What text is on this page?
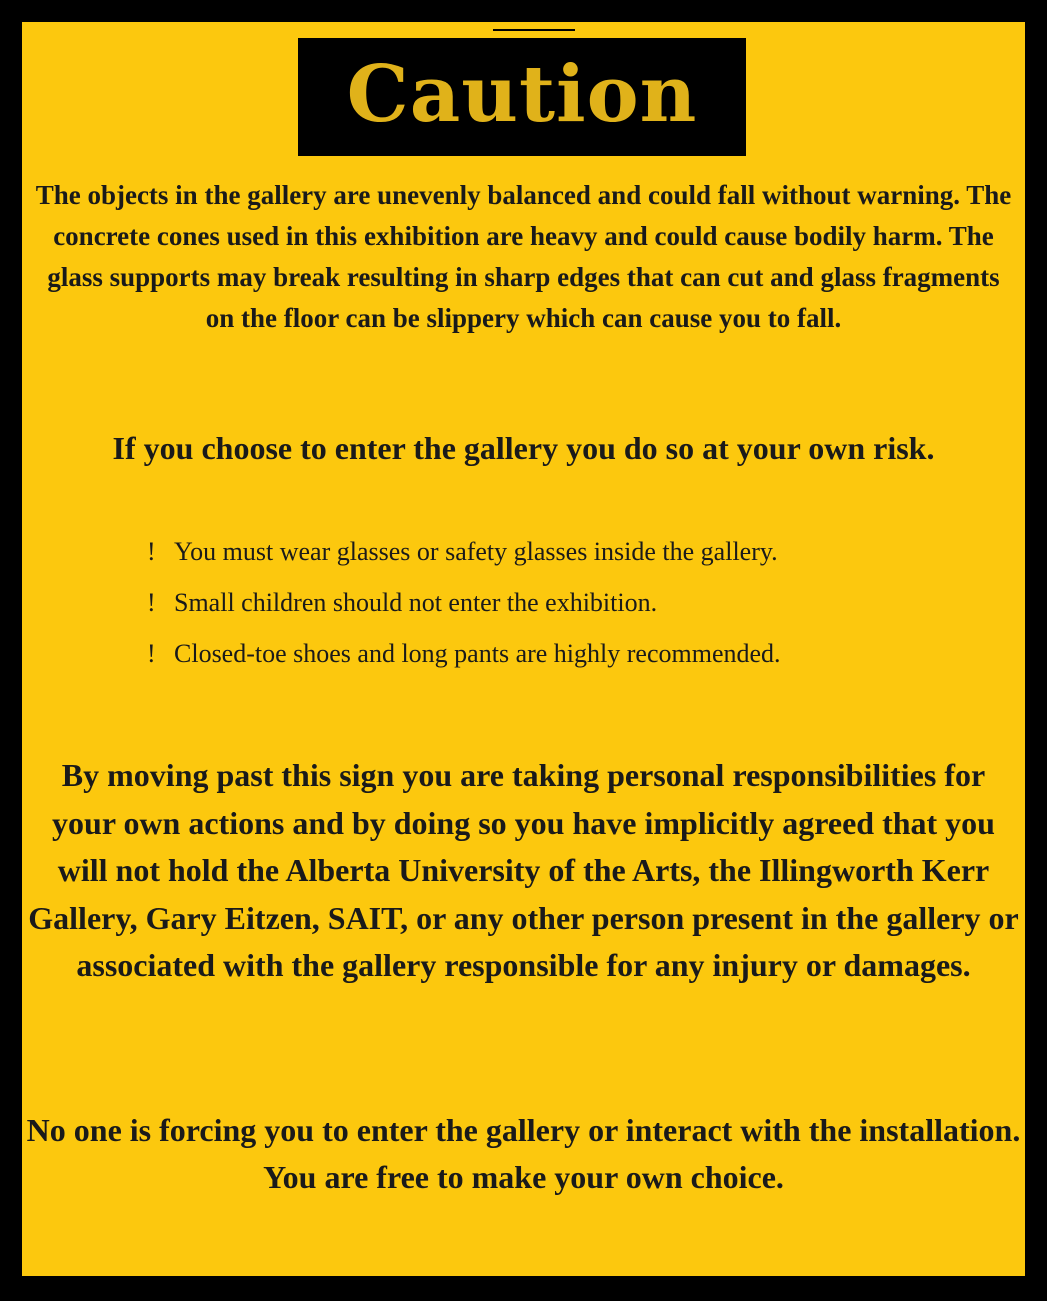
Caution
The objects in the gallery are unevenly balanced and could fall without warning. The concrete cones used in this exhibition are heavy and could cause bodily harm. The glass supports may break resulting in sharp edges that can cut and glass fragments on the floor can be slippery which can cause you to fall.
If you choose to enter the gallery you do so at your own risk.
! You must wear glasses or safety glasses inside the gallery.
! Small children should not enter the exhibition.
! Closed-toe shoes and long pants are highly recommended.
By moving past this sign you are taking personal responsibilities for your own actions and by doing so you have implicitly agreed that you will not hold the Alberta University of the Arts, the Illingworth Kerr Gallery, Gary Eitzen, SAIT, or any other person present in the gallery or associated with the gallery responsible for any injury or damages.
No one is forcing you to enter the gallery or interact with the installation. You are free to make your own choice.
